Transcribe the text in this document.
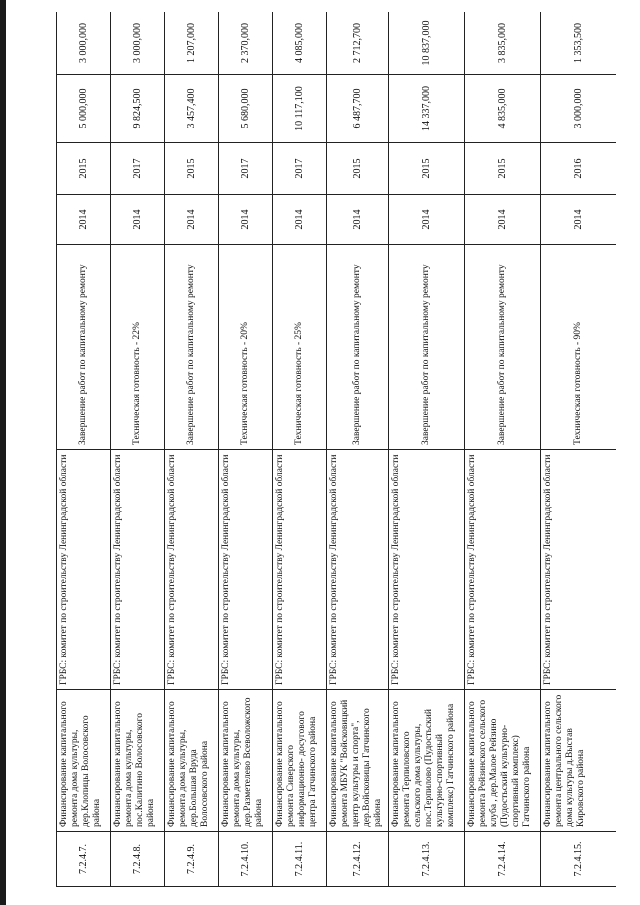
7.2.4.7.	Финансирование капитального ремонта дома культуры, дер.Клопицы Волосовского района	ГРБС: комитет по строительству Ленинградской области	Завершение работ по капитальному ремонту	2014	2015	5 000,000	3 000,000
7.2.4.8.	Финансирование капитального ремонта дома культуры, пос.Калитино Волосовского района	ГРБС: комитет по строительству Ленинградской области	Техническая готовность - 22%	2014	2017	9 824,500	3 000,000
7.2.4.9.	Финансирование капитального ремонта дома культуры, дер.Большая Вруда Волосовского района	ГРБС: комитет по строительству Ленинградской области	Завершение работ по капитальному ремонту	2014	2015	3 457,400	1 207,000
7.2.4.10.	Финансирование капитального ремонта дома культуры, дер.Разметелево Всеволожского района	ГРБС: комитет по строительству Ленинградской области	Техническая готовность - 20%	2014	2017	5 680,000	2 370,000
7.2.4.11.	Финансирование капитального ремонта Сиверского информационно- досугового центра Гатчинского района	ГРБС: комитет по строительству Ленинградской области	Техническая готовность - 25%	2014	2017	10 117,100	4 085,000
7.2.4.12.	Финансирование капитального ремонта МБУК "Войсковицкий центр культуры и спорта", дер.Войсковицы Гатчинского района	ГРБС: комитет по строительству Ленинградской области	Завершение работ по капитальному ремонту	2014	2015	6 487,700	2 712,700
7.2.4.13.	Финансирование капитального ремонта Терпиловского сельского дома культуры, пос.Терпилово (Пудостьский культурно-спортивный комплекс) Гатчинского района	ГРБС: комитет по строительству Ленинградской области	Завершение работ по капитальному ремонту	2014	2015	14 337,000	10 837,000
7.2.4.14.	Финансирование капитального ремонта Рейзинского сельского клуба , дер.Малое Рейзино (Пудостьский культурно-спортивный комплекс) Гатчинского района	ГРБС: комитет по строительству Ленинградской области	Завершение работ по капитальному ремонту	2014	2015	4 835,000	3 835,000
7.2.4.15.	Финансирование капитального ремонта центрального сельского дома культуры д.Выстав Кировского района	ГРБС: комитет по строительству Ленинградской области	Техническая готовность - 90%	2014	2016	3 000,000	1 353,500
